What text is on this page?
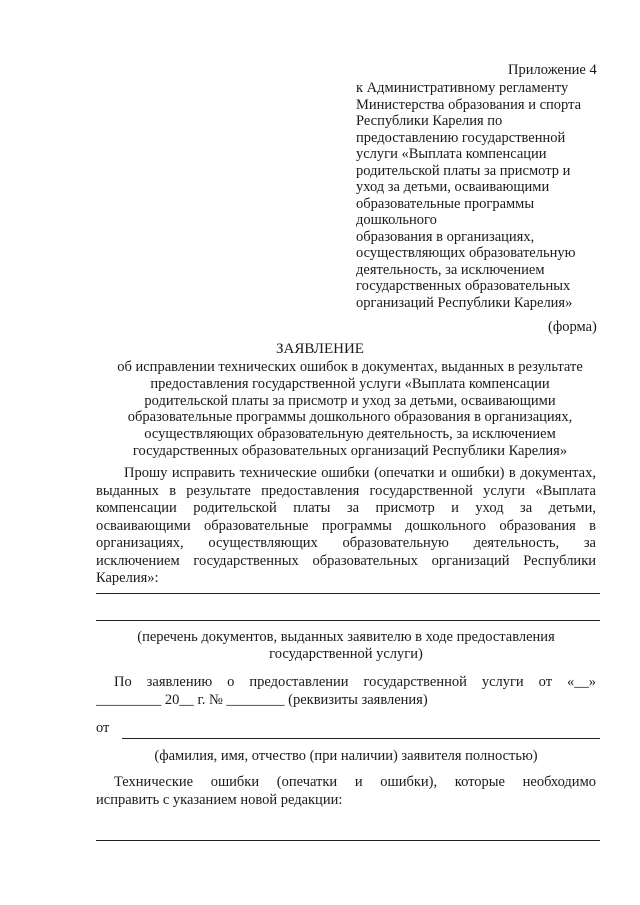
Приложение 4
к Административному регламенту
Министерства образования и спорта
Республики Карелия по
предоставлению государственной
услуги «Выплата компенсации
родительской платы за присмотр и
уход за детьми, осваивающими
образовательные программы
дошкольного
образования в организациях,
осуществляющих образовательную
деятельность, за исключением
государственных образовательных
организаций Республики Карелия»
(форма)
ЗАЯВЛЕНИЕ
об исправлении технических ошибок в документах, выданных в результате
предоставления государственной услуги «Выплата компенсации
родительской платы за присмотр и уход за детьми, осваивающими
образовательные программы дошкольного образования в организациях,
осуществляющих образовательную деятельность, за исключением
государственных образовательных организаций Республики Карелия»
Прошу исправить технические ошибки (опечатки и ошибки) в документах,
выданных в результате предоставления государственной услуги «Выплата
компенсации родительской платы за присмотр и уход за детьми,
осваивающими образовательные программы дошкольного образования в
организациях, осуществляющих образовательную деятельность, за
исключением государственных образовательных организаций Республики
Карелия»:
(перечень документов, выданных заявителю в ходе предоставления
государственной услуги)
По заявлению о предоставлении государственной услуги от «__»
_________ 20__ г. № ________ (реквизиты заявления)
от
(фамилия, имя, отчество (при наличии) заявителя полностью)
Технические ошибки (опечатки и ошибки), которые необходимо
исправить с указанием новой редакции:
